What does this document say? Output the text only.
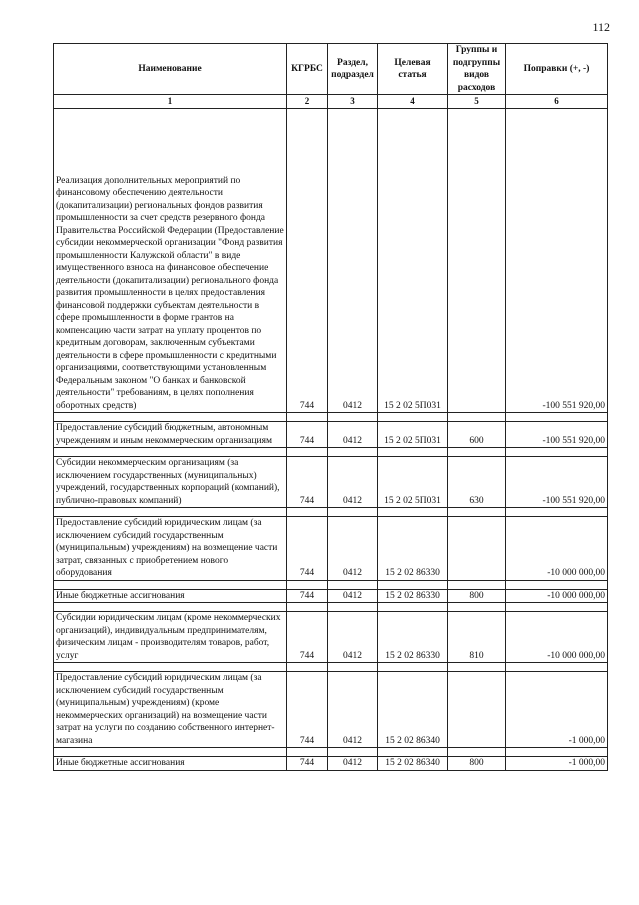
112
Наименование	КГРБС	Раздел, подраздел	Целевая статья	Группы и подгруппы видов расходов	Поправки (+, -)
1	2	3	4	5	6
Реализация дополнительных мероприятий по финансовому обеспечению деятельности (докапитализации) региональных фондов развития промышленности за счет средств резервного фонда Правительства Российской Федерации (Предоставление субсидии некоммерческой организации "Фонд развития промышленности Калужской области" в виде имущественного взноса на финансовое обеспечение деятельности (докапитализации) регионального фонда развития промышленности в целях предоставления финансовой поддержки субъектам деятельности в сфере промышленности в форме грантов на компенсацию части затрат на уплату процентов по кредитным договорам, заключенным субъектами деятельности в сфере промышленности с кредитными организациями, соответствующими установленным Федеральным законом "О банках и банковской деятельности" требованиям, в целях пополнения оборотных средств)	744	0412	15 2 02 5П031		-100 551 920,00

Предоставление субсидий бюджетным, автономным учреждениям и иным некоммерческим организациям	744	0412	15 2 02 5П031	600	-100 551 920,00

Субсидии некоммерческим организациям (за исключением государственных (муниципальных) учреждений, государственных корпораций (компаний), публично-правовых компаний)	744	0412	15 2 02 5П031	630	-100 551 920,00

Предоставление субсидий юридическим лицам (за исключением субсидий государственным (муниципальным) учреждениям) на возмещение части затрат, связанных с приобретением нового оборудования	744	0412	15 2 02 86330		-10 000 000,00

Иные бюджетные ассигнования	744	0412	15 2 02 86330	800	-10 000 000,00

Субсидии юридическим лицам (кроме некоммерческих организаций), индивидуальным предпринимателям, физическим лицам - производителям товаров, работ, услуг	744	0412	15 2 02 86330	810	-10 000 000,00

Предоставление субсидий юридическим лицам (за исключением субсидий государственным (муниципальным) учреждениям) (кроме некоммерческих организаций) на возмещение части затрат на услуги по созданию собственного интернет-магазина	744	0412	15 2 02 86340		-1 000,00

Иные бюджетные ассигнования	744	0412	15 2 02 86340	800	-1 000,00
